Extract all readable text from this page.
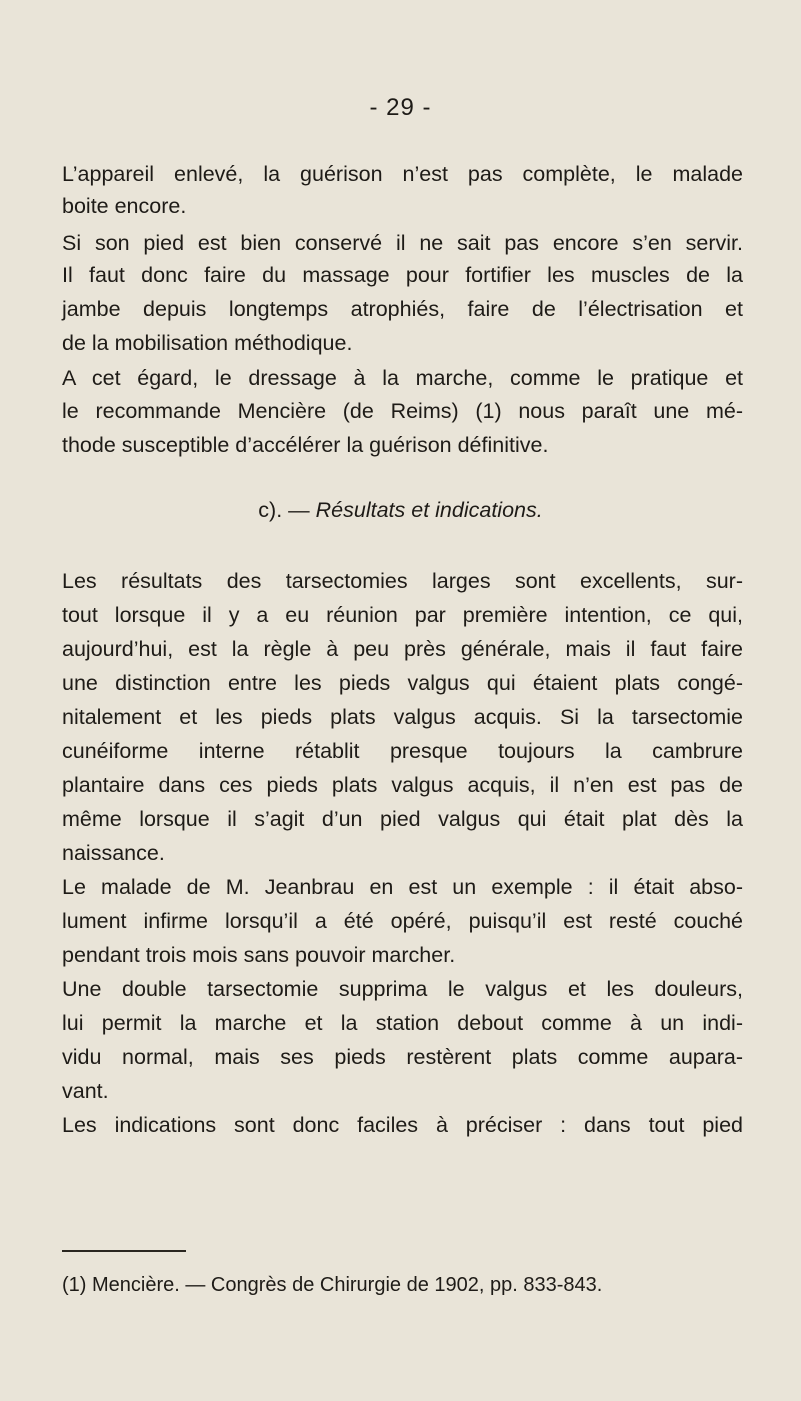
- 29 -
L’appareil enlevé, la guérison n’est pas complète, le malade
boite encore.
Si son pied est bien conservé il ne sait pas encore s’en servir.
Il faut donc faire du massage pour fortifier les muscles de la
jambe depuis longtemps atrophiés, faire de l’électrisation et
de la mobilisation méthodique.
A cet égard, le dressage à la marche, comme le pratique et
le recommande Mencière (de Reims) (1) nous paraît une mé-
thode susceptible d’accélérer la guérison définitive.
c). — Résultats et indications.
Les résultats des tarsectomies larges sont excellents, sur-
tout lorsque il y a eu réunion par première intention, ce qui,
aujourd’hui, est la règle à peu près générale, mais il faut faire
une distinction entre les pieds valgus qui étaient plats congé-
nitalement et les pieds plats valgus acquis. Si la tarsectomie
cunéiforme interne rétablit presque toujours la cambrure
plantaire dans ces pieds plats valgus acquis, il n’en est pas de
même lorsque il s’agit d’un pied valgus qui était plat dès la
naissance.
Le malade de M. Jeanbrau en est un exemple : il était abso-
lument infirme lorsqu’il a été opéré, puisqu’il est resté couché
pendant trois mois sans pouvoir marcher.
Une double tarsectomie supprima le valgus et les douleurs,
lui permit la marche et la station debout comme à un indi-
vidu normal, mais ses pieds restèrent plats comme aupara-
vant.
Les indications sont donc faciles à préciser : dans tout pied
(1) Mencière. — Congrès de Chirurgie de 1902, pp. 833-843.
